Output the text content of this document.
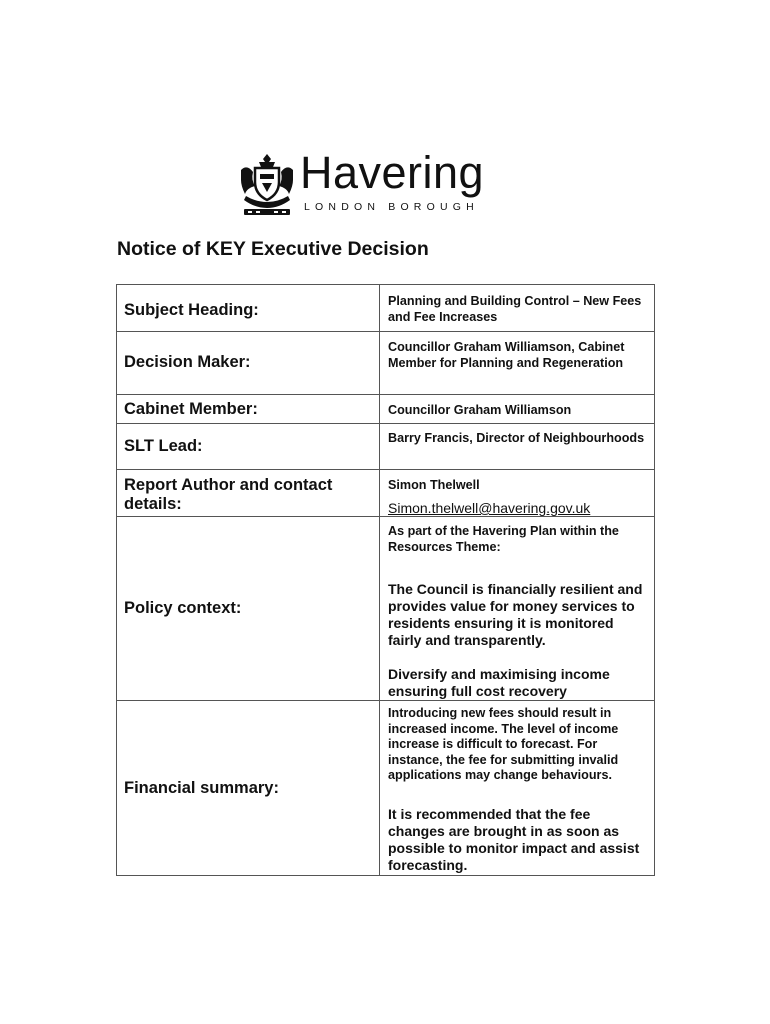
Havering
LONDON BOROUGH
Notice of KEY Executive Decision
Subject Heading:	Planning and Building Control – New Fees and Fee Increases

Decision Maker:	Councillor Graham Williamson, Cabinet Member for Planning and Regeneration

Cabinet Member:	Councillor Graham Williamson

SLT Lead:	Barry Francis, Director of Neighbourhoods

Report Author and contact details:	Simon Thelwell
Simon.thelwell@havering.gov.uk

Policy context:	As part of the Havering Plan within the Resources Theme:
The Council is financially resilient and provides value for money services to residents ensuring it is monitored fairly and transparently.
Diversify and maximising income ensuring full cost recovery

Financial summary:	Introducing new fees should result in increased income. The level of income increase is difficult to forecast. For instance, the fee for submitting invalid applications may change behaviours.
It is recommended that the fee changes are brought in as soon as possible to monitor impact and assist forecasting.
